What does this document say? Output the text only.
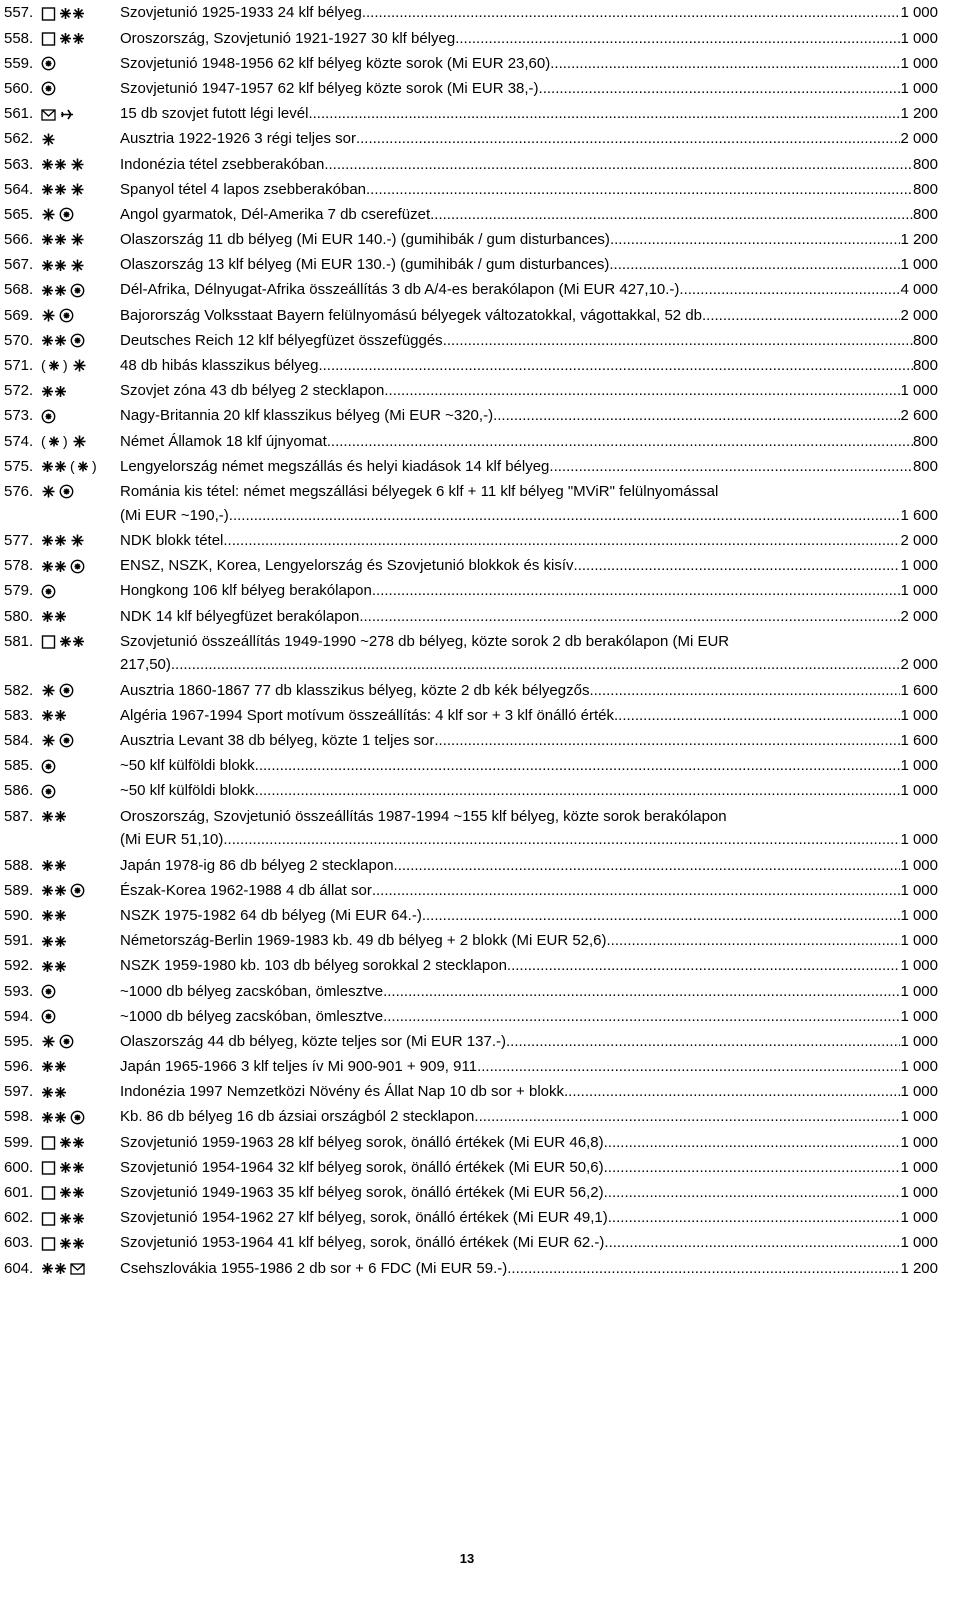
557.	Szovjetunió 1925-1933 24 klf bélyeg .....	1 000
558.	Oroszország, Szovjetunió 1921-1927 30 klf bélyeg .....	1 000
559.	Szovjetunió 1948-1956 62 klf bélyeg közte sorok (Mi EUR 23,60) .....	1 000
560.	Szovjetunió 1947-1957 62 klf bélyeg közte sorok (Mi EUR 38,-) .....	1 000
561.	15 db szovjet futott légi levél .....	1 200
562.	Ausztria 1922-1926 3 régi teljes sor .....	2 000
563.	Indonézia tétel zsebberakóban .....	800
564.	Spanyol tétel 4 lapos zsebberakóban .....	800
565.	Angol gyarmatok, Dél-Amerika 7 db cserefüzet .....	800
566.	Olaszország 11 db bélyeg (Mi EUR 140.-) (gumihibák / gum disturbances) .....	1 200
567.	Olaszország 13 klf bélyeg (Mi EUR 130.-) (gumihibák / gum disturbances) .....	1 000
568.	Dél-Afrika, Délnyugat-Afrika összeállítás 3 db A/4-es berakólapon (Mi EUR 427,10.-) .....	4 000
569.	Bajorország Volksstaat Bayern felülnyomású bélyegek változatokkal, vágottakkal, 52 db .....	2 000
570.	Deutsches Reich 12 klf bélyegfüzet összefüggés .....	800
571. ( )	48 db hibás klasszikus bélyeg .....	800
572.	Szovjet zóna 43 db bélyeg 2 stecklapon .....	1 000
573.	Nagy-Britannia 20 klf klasszikus bélyeg (Mi EUR ~320,-) .....	2 600
574. ( )	Német Államok 18 klf újnyomat .....	800
575.	( ) Lengyelország német megszállás és helyi kiadások 14 klf bélyeg .....	800
576.	Románia kis tétel: német megszállási bélyegek 6 klf + 11 klf bélyeg "MViR" felülnyomással
(Mi EUR ~190,-) .....	1 600
577.	NDK blokk tétel .....	2 000
578.	ENSZ, NSZK, Korea, Lengyelország és Szovjetunió blokkok és kisív .....	1 000
579.	Hongkong 106 klf bélyeg berakólapon .....	1 000
580.	NDK 14 klf bélyegfüzet berakólapon .....	2 000
581.	Szovjetunió összeállítás 1949-1990 ~278 db bélyeg, közte sorok 2 db berakólapon (Mi EUR
217,50) .....	2 000
582.	Ausztria 1860-1867 77 db klasszikus bélyeg, közte 2 db kék bélyegzős .....	1 600
583.	Algéria 1967-1994 Sport motívum összeállítás: 4 klf sor + 3 klf önálló érték .....	1 000
584.	Ausztria Levant 38 db bélyeg, közte 1 teljes sor .....	1 600
585.	~50 klf külföldi blokk .....	1 000
586.	~50 klf külföldi blokk .....	1 000
587.	Oroszország, Szovjetunió összeállítás 1987-1994 ~155 klf bélyeg, közte sorok berakólapon
(Mi EUR 51,10) .....	1 000
588.	Japán 1978-ig 86 db bélyeg 2 stecklapon .....	1 000
589.	Észak-Korea 1962-1988 4 db állat sor .....	1 000
590.	NSZK 1975-1982 64 db bélyeg (Mi EUR 64.-) .....	1 000
591.	Németország-Berlin 1969-1983 kb. 49 db bélyeg + 2 blokk (Mi EUR 52,6) .....	1 000
592.	NSZK 1959-1980 kb. 103 db bélyeg sorokkal 2 stecklapon .....	1 000
593.	~1000 db bélyeg zacskóban, ömlesztve .....	1 000
594.	~1000 db bélyeg zacskóban, ömlesztve .....	1 000
595.	Olaszország 44 db bélyeg, közte teljes sor (Mi EUR 137.-) .....	1 000
596.	Japán 1965-1966 3 klf teljes ív Mi 900-901 + 909, 911 .....	1 000
597.	Indonézia 1997 Nemzetközi Növény és Állat Nap 10 db sor + blokk .....	1 000
598.	Kb. 86 db bélyeg 16 db ázsiai országból 2 stecklapon .....	1 000
599.	Szovjetunió 1959-1963 28 klf bélyeg sorok, önálló értékek (Mi EUR 46,8) .....	1 000
600.	Szovjetunió 1954-1964 32 klf bélyeg sorok, önálló értékek (Mi EUR 50,6) .....	1 000
601.	Szovjetunió 1949-1963 35 klf bélyeg sorok, önálló értékek (Mi EUR 56,2) .....	1 000
602.	Szovjetunió 1954-1962 27 klf bélyeg, sorok, önálló értékek (Mi EUR 49,1) .....	1 000
603.	Szovjetunió 1953-1964 41 klf bélyeg, sorok, önálló értékek (Mi EUR 62.-) .....	1 000
604.	Csehszlovákia 1955-1986 2 db sor + 6 FDC (Mi EUR 59.-) .....	1 200
13
